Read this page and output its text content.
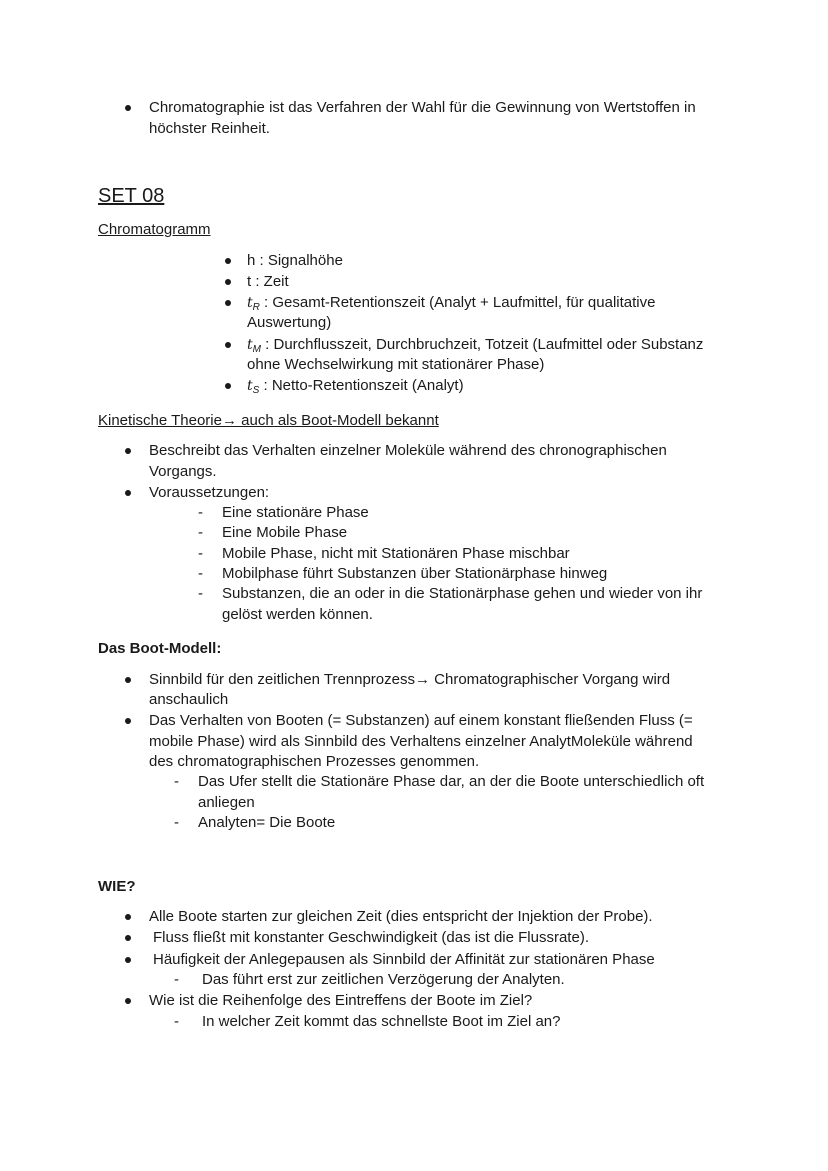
Chromatographie ist das Verfahren der Wahl für die Gewinnung von Wertstoffen in
höchster Reinheit.
SET 08
Chromatogramm
h : Signalhöhe
t : Zeit
$t_R$ : Gesamt-Retentionszeit (Analyt + Laufmittel, für qualitative
Auswertung)
$t_M$ : Durchflusszeit, Durchbruchzeit, Totzeit (Laufmittel oder Substanz
ohne Wechselwirkung mit stationärer Phase)
$t_S$ : Netto-Retentionszeit (Analyt)
Kinetische Theorie→ auch als Boot-Modell bekannt
Beschreibt das Verhalten einzelner Moleküle während des chronographischen
Vorgangs.
Voraussetzungen:
- Eine stationäre Phase
- Eine Mobile Phase
- Mobile Phase, nicht mit Stationären Phase mischbar
- Mobilphase führt Substanzen über Stationärphase hinweg
- Substanzen, die an oder in die Stationärphase gehen und wieder von ihr
gelöst werden können.
Das Boot-Modell:
Sinnbild für den zeitlichen Trennprozess→ Chromatographischer Vorgang wird
anschaulich
Das Verhalten von Booten (= Substanzen) auf einem konstant fließenden Fluss (=
mobile Phase) wird als Sinnbild des Verhaltens einzelner AnalytMoleküle während
des chromatographischen Prozesses genommen.
- Das Ufer stellt die Stationäre Phase dar, an der die Boote unterschiedlich oft
anliegen
- Analyten= Die Boote
WIE?
Alle Boote starten zur gleichen Zeit (dies entspricht der Injektion der Probe).
Fluss fließt mit konstanter Geschwindigkeit (das ist die Flussrate).
Häufigkeit der Anlegepausen als Sinnbild der Affinität zur stationären Phase
- Das führt erst zur zeitlichen Verzögerung der Analyten.
Wie ist die Reihenfolge des Eintreffens der Boote im Ziel?
- In welcher Zeit kommt das schnellste Boot im Ziel an?
